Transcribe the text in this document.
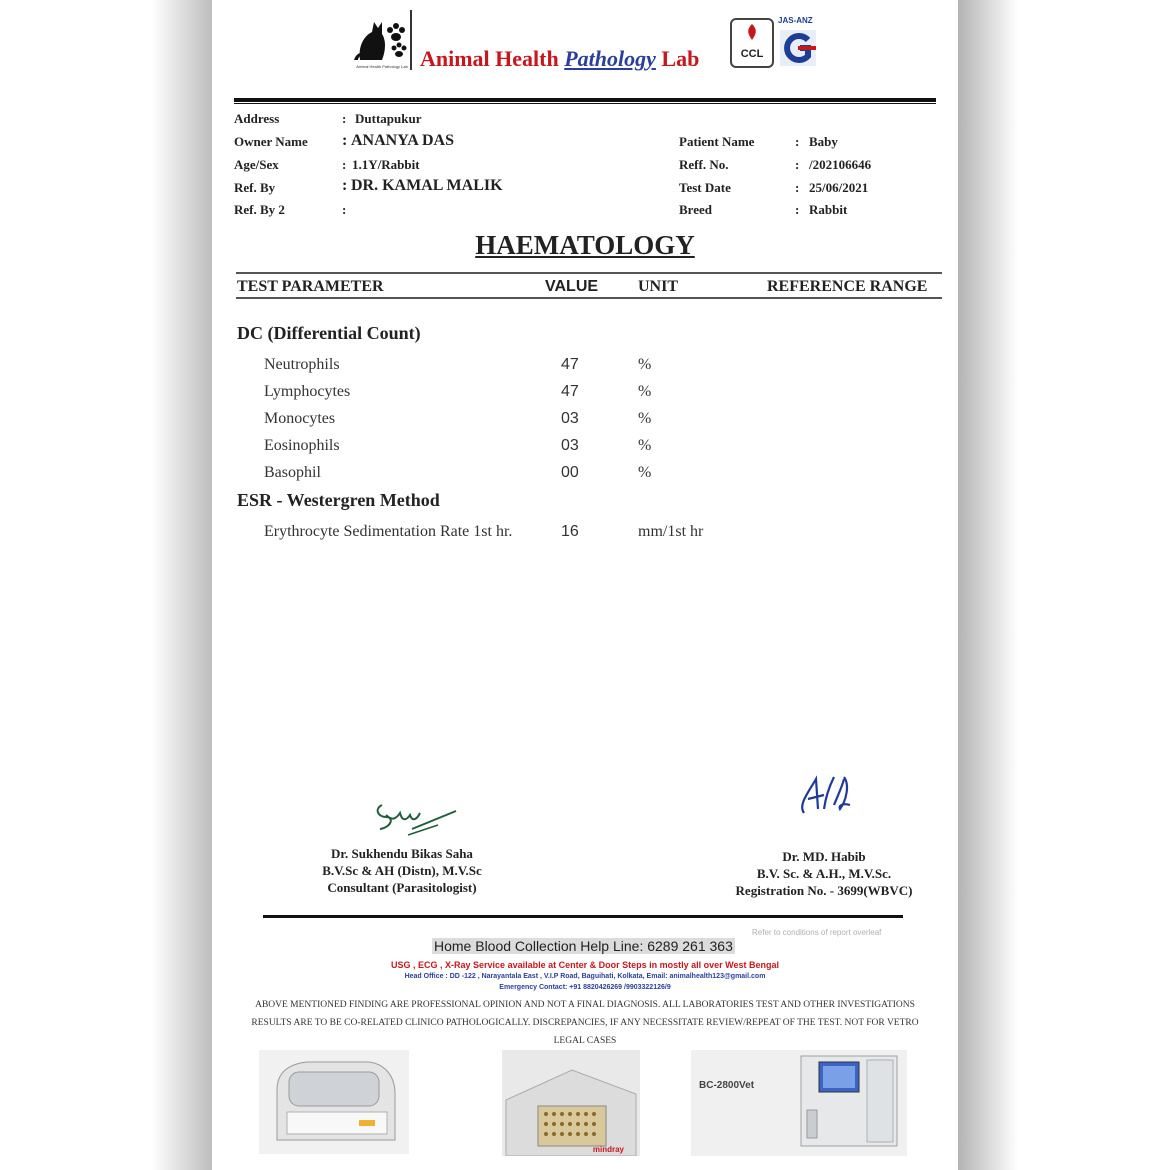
Animal Health Pathology Lab Animal Health Pathology Lab	CCL
JAS-ANZ
Address	: Duttapukur
Owner Name : ANANYA DAS
Age/Sex	: 1.1Y/Rabbit
Ref. By	: DR. KAMAL MALIK
Ref. By 2	:
Patient Name	: Baby
Reff. No.	: /202106646
Test Date	: 25/06/2021
Breed	: Rabbit
HAEMATOLOGY
TEST PARAMETER	VALUE UNIT	REFERENCE RANGE
DC (Differential Count)
Neutrophils	47	%
Lymphocytes	47	%
Monocytes	03	%
Eosinophils	03	%
Basophil	00	%
ESR - Westergren Method
Erythrocyte Sedimentation Rate 1st hr.	16	mm/1st hr
Dr. Sukhendu Bikas Saha
B.V.Sc & AH (Distn), M.V.Sc
Consultant (Parasitologist)
Dr. MD. Habib
B.V. Sc. & A.H., M.V.Sc.
Registration No. - 3699(WBVC)
Refer to conditions of report overleaf
Home Blood Collection Help Line: 6289 261 363
USG , ECG , X-Ray Service available at Center & Door Steps in mostly all over West Bengal
Head Office : DD -122 , Narayantala East , V.I.P Road, Baguihati, Kolkata, Email: animalhealth123@gmail.com
Emergency Contact: +91 8820426269 /9903322126/9
ABOVE MENTIONED FINDING ARE PROFESSIONAL OPINION AND NOT A FINAL DIAGNOSIS. ALL LABORATORIES TEST AND OTHER INVESTIGATIONS RESULTS ARE TO BE CO-RELATED CLINICO PATHOLOGICALLY. DISCREPANCIES, IF ANY NECESSITATE REVIEW/REPEAT OF THE TEST. NOT FOR VETRO LEGAL CASES
mindray
BC-2800Vet
